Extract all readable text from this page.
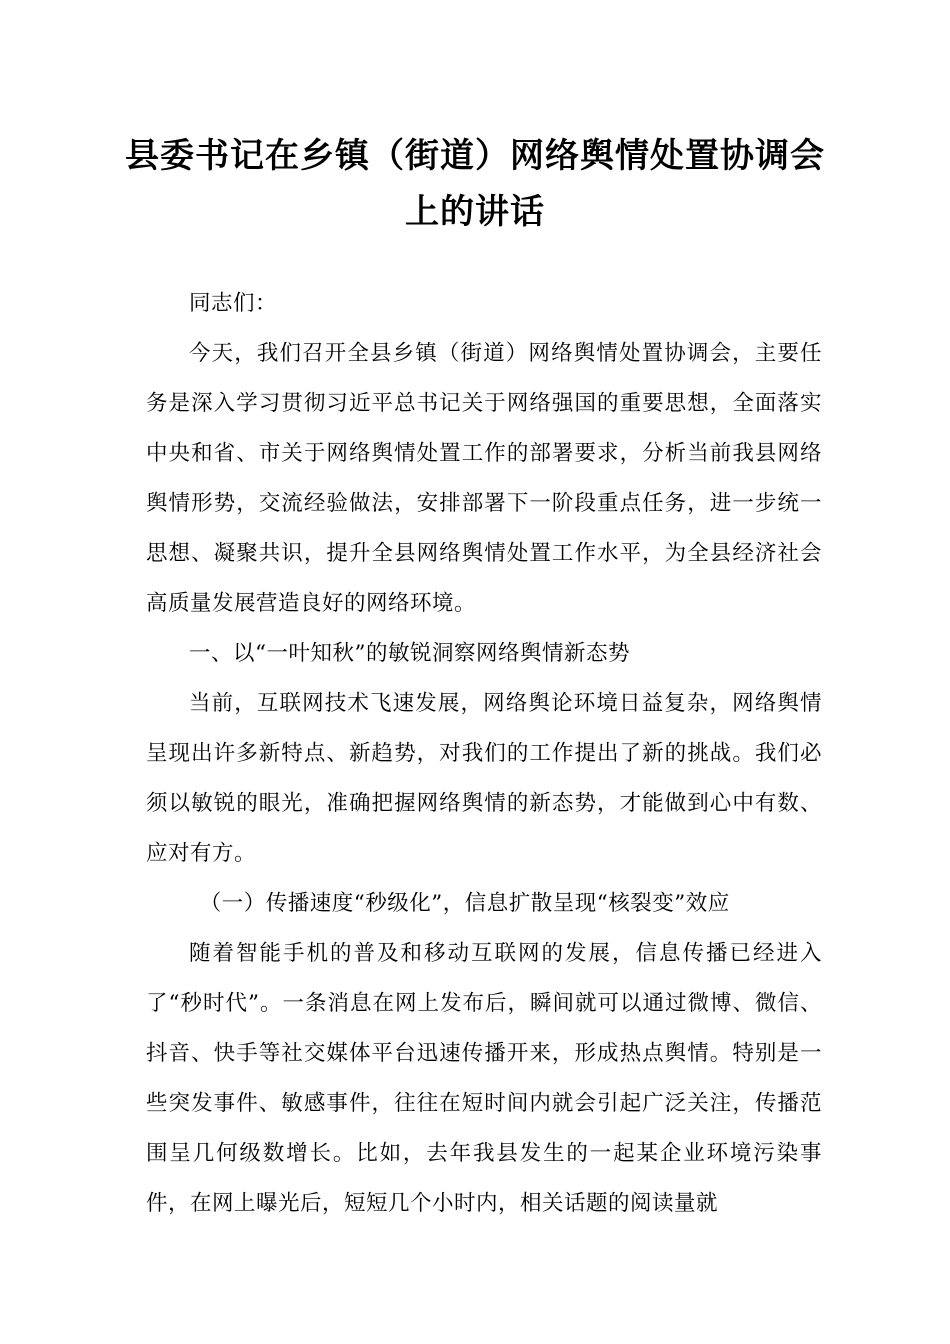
县委书记在乡镇（街道）网络舆情处置协调会上的讲话

同志们：

今天，我们召开全县乡镇（街道）网络舆情处置协调会，主要任务是深入学习贯彻习近平总书记关于网络强国的重要思想，全面落实中央和省、市关于网络舆情处置工作的部署要求，分析当前我县网络舆情形势，交流经验做法，安排部署下一阶段重点任务，进一步统一思想、凝聚共识，提升全县网络舆情处置工作水平，为全县经济社会高质量发展营造良好的网络环境。

一、以“一叶知秋”的敏锐洞察网络舆情新态势

当前，互联网技术飞速发展，网络舆论环境日益复杂，网络舆情呈现出许多新特点、新趋势，对我们的工作提出了新的挑战。我们必须以敏锐的眼光，准确把握网络舆情的新态势，才能做到心中有数、应对有方。

（一）传播速度“秒级化”，信息扩散呈现“核裂变”效应

随着智能手机的普及和移动互联网的发展，信息传播已经进入了“秒时代”。一条消息在网上发布后，瞬间就可以通过微博、微信、抖音、快手等社交媒体平台迅速传播开来，形成热点舆情。特别是一些突发事件、敏感事件，往往在短时间内就会引起广泛关注，传播范围呈几何级数增长。比如，去年我县发生的一起某企业环境污染事件，在网上曝光后，短短几个小时内，相关话题的阅读量就
